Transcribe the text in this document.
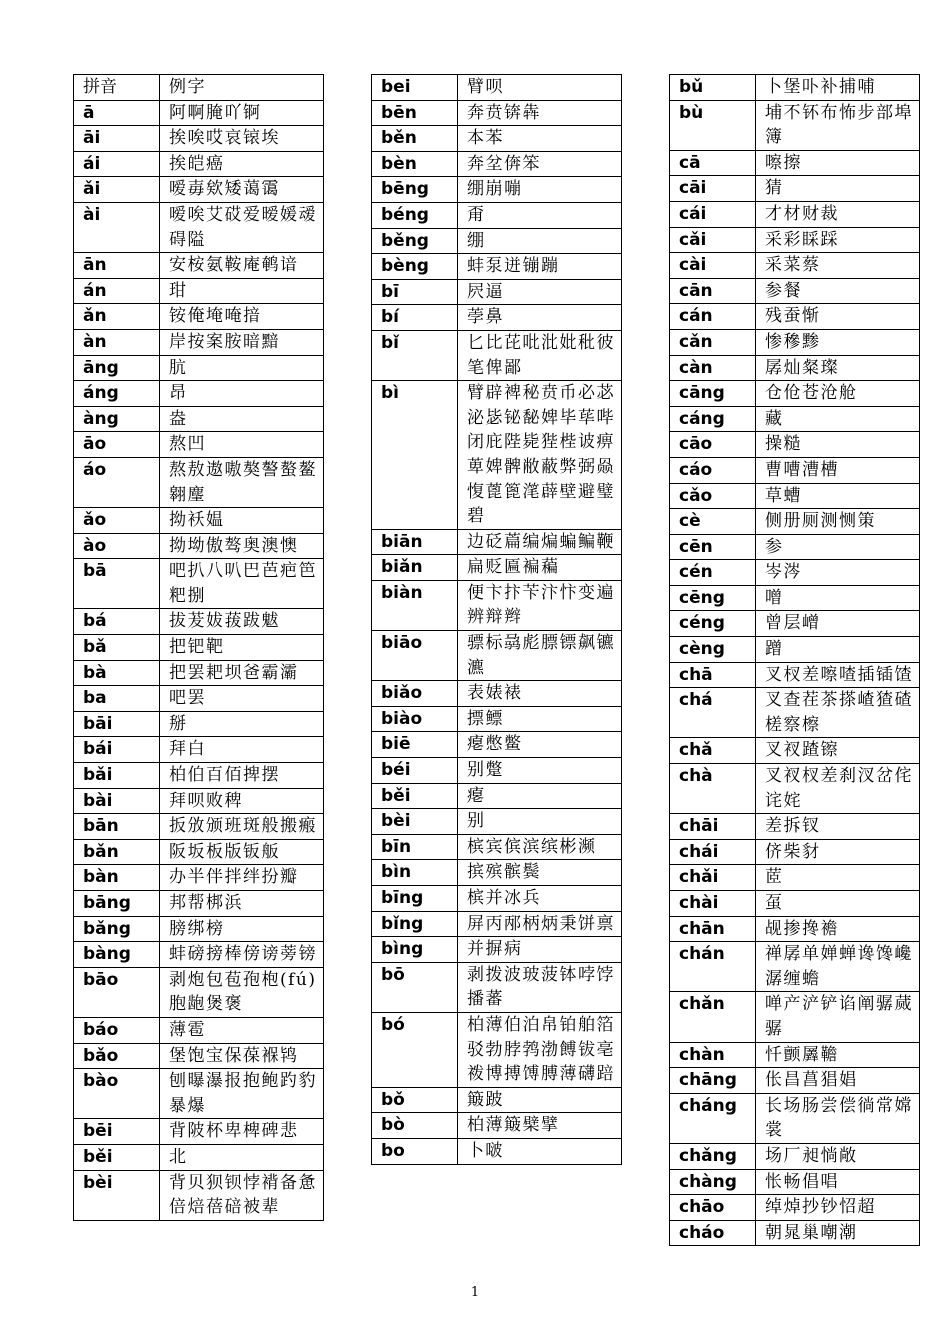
拼音	例字
ā	阿啊腌吖锕
āi	挨唉哎哀锿埃
ái	挨皑癌
ǎi	嗳毐欸矮蔼霭
ài	嗳唉艾砹爱暧媛叆碍隘
ān	安桉氨鞍庵鹌谙
án	玵
ǎn	铵俺埯唵揞
àn	岸按案胺暗黯
āng	肮
áng	昂
àng	盎
āo	熬凹
áo	熬敖遨嗷獒謷螯鳌翱麈
ǎo	拗袄媪
ào	拗坳傲骜奥澳懊
bā	吧扒八叭巴芭疤笆粑捌
bá	拔茇妭菝跋魃
bǎ	把钯靶
bà	把罢耙坝爸霸灞
ba	吧罢
bāi	掰
bái	拜白
bǎi	柏伯百佰捭摆
bài	拜呗败稗
bān	扳攽颁班斑般搬瘢
bǎn	阪坂板版钣舨
bàn	办半伴拌绊扮瓣
bāng	邦帮梆浜
bǎng	膀绑榜
bàng	蚌磅搒棒傍谤蒡镑
bāo	剥炮包苞孢枹(fú)胞龅煲褒
báo	薄雹
bǎo	堡饱宝保葆褓鸨
bào	刨曝瀑报抱鲍趵豹暴爆
bēi	背陂杯卑椑碑悲
běi	北
bèi	背贝狈钡悖褙备惫倍焙蓓碚被辈
bei	臂呗
bēn	奔贲锛犇
běn	本苯
bèn	奔坌倴笨
bēng	绷崩嘣
béng	甭
běng	绷
bèng	蚌泵迸镚蹦
bī	屄逼
bí	荸鼻
bǐ	匕比芘吡沘妣秕彼笔俾鄙
bì	臂辟裨秘贲币必苾泌毖铋馝婢毕荜哔闭庇陛毙狴梐诐痹萆婢髀敝蔽弊弼赑愎蓖篦滗薜壁避璧碧
biān	边砭萹编煸蝙鳊鞭
biǎn	扁贬匾褊藊
biàn	便卞抃苄汴忭变遍辨辩辫
biāo	骠标骉彪膘镖飙镳瀌
biǎo	表婊裱
biào	摽鳔
biē	瘪憋鳖
béi	别蹩
běi	瘪
bèi	别
bīn	槟宾傧滨缤彬濒
bìn	摈殡髌鬓
bīng	槟并冰兵
bǐng	屏丙邴柄炳秉饼禀
bìng	并摒病
bō	剥拨波玻菠钵哱饽播蕃
bó	柏薄伯泊帛铂舶箔驳勃脖鹁渤餺钹亳袯博搏馎膊薄礴踣
bǒ	簸跛
bò	柏薄簸檗擘
bo	卜啵
bǔ	卜堡卟补捕哺
bù	埔不钚布怖步部埠簿
cā	嚓擦
cāi	猜
cái	才材财裁
cǎi	采彩睬踩
cài	采菜蔡
cān	参餐
cán	残蚕惭
cǎn	惨穇黪
càn	孱灿粲璨
cāng	仓伧苍沧舱
cáng	藏
cāo	操糙
cáo	曹嘈漕槽
cǎo	草螬
cè	侧册厕测恻策
cēn	参
cén	岑涔
cēng	噌
céng	曾层嶒
cèng	蹭
chā	叉杈差嚓喳插锸馇
chá	叉查茬茶搽嵖猹碴槎察檫
chǎ	叉衩蹅镲
chà	叉衩杈差刹汊岔侘诧姹
chāi	差拆钗
chái	侪柴豺
chǎi	茝
chài	虿
chān	觇掺搀襜
chán	禅孱单婵蝉谗馋巉潺缠蟾
chǎn	啴产浐铲谄阐骣蒇骣
chàn	忏颤羼韂
chāng	伥昌菖猖娼
cháng	长场肠尝偿徜常嫦裳
chǎng	场厂昶惝敞
chàng	怅畅倡唱
chāo	绰焯抄钞怊超
cháo	朝晁巢嘲潮
1
